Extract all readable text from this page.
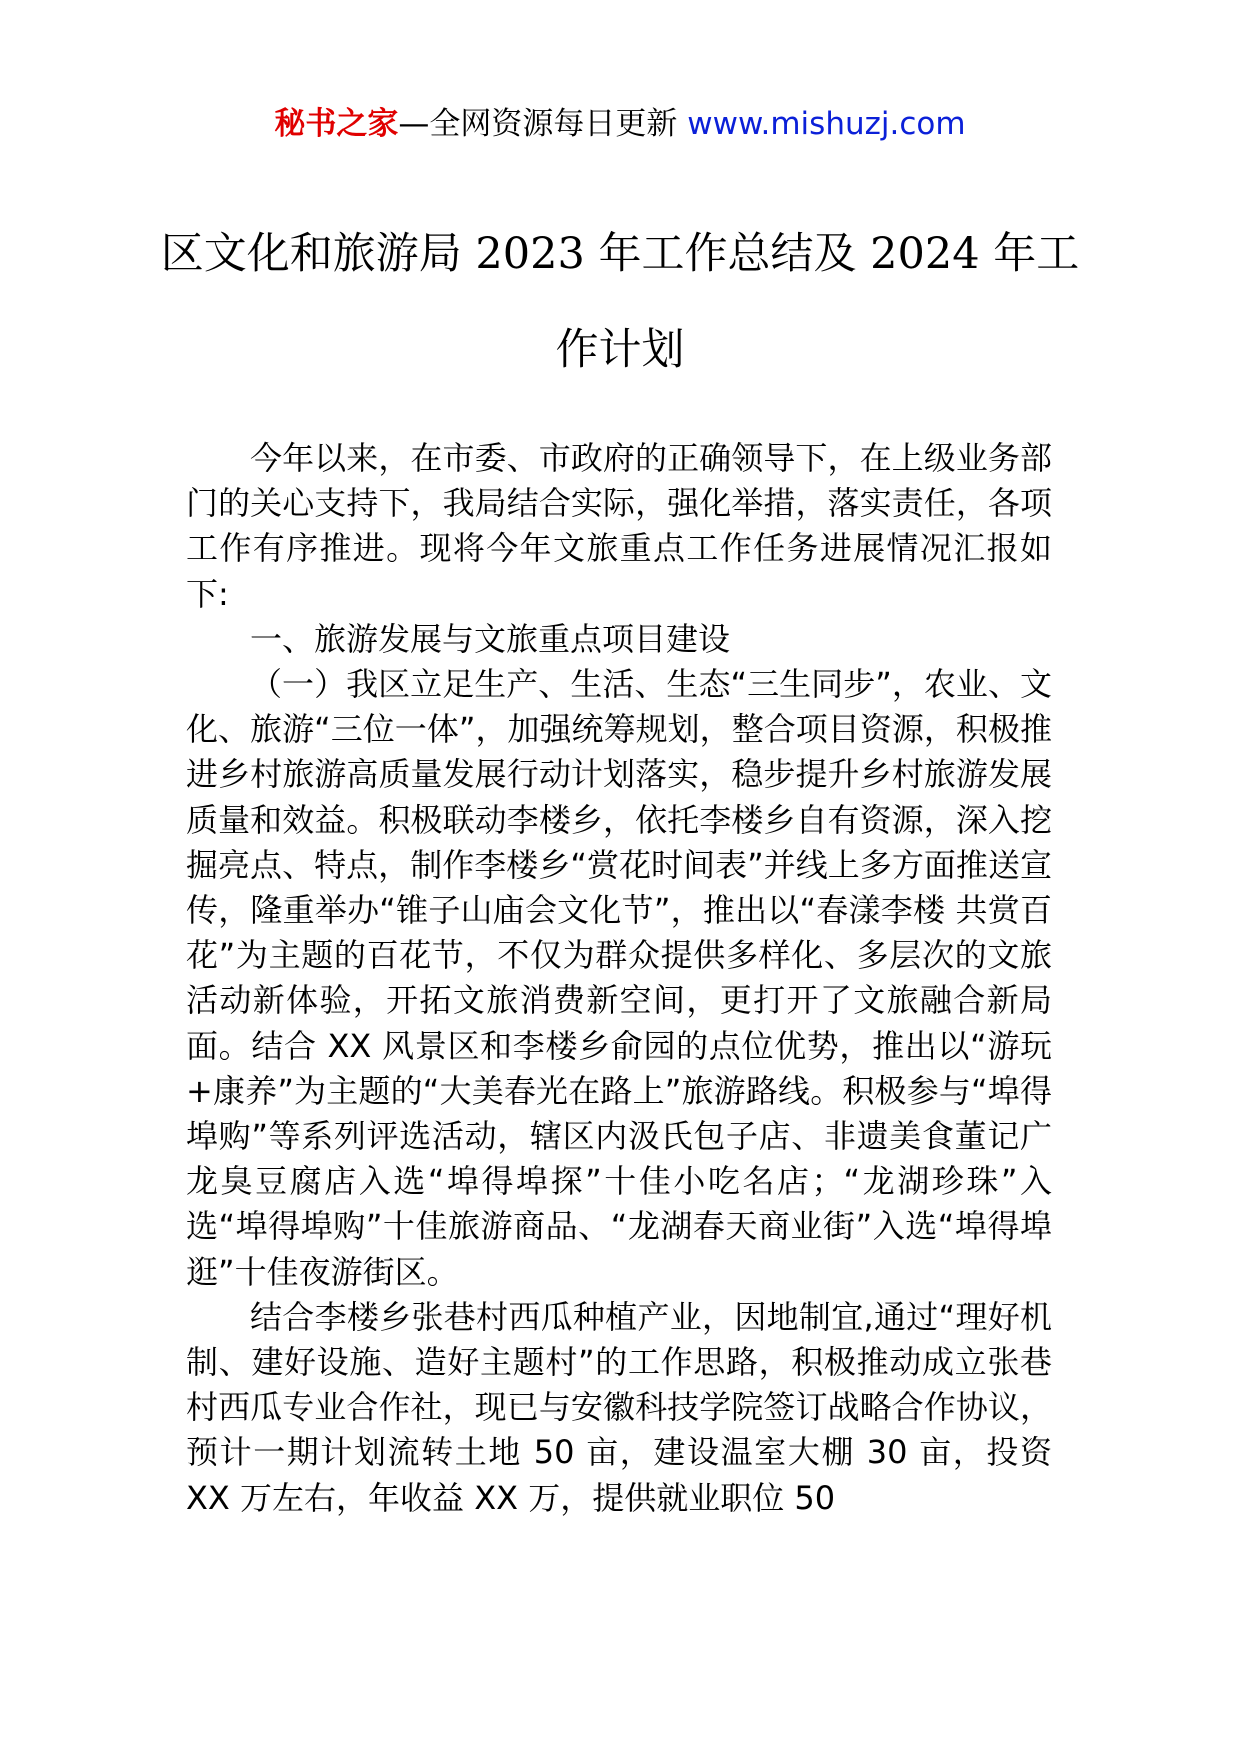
秘书之家—全网资源每日更新 www.mishuzj.com
区文化和旅游局 2023 年工作总结及 2024 年工作计划

今年以来，在市委、市政府的正确领导下，在上级业务部门的关心支持下，我局结合实际，强化举措，落实责任，各项工作有序推进。现将今年文旅重点工作任务进展情况汇报如下:

一、旅游发展与文旅重点项目建设

（一）我区立足生产、生活、生态“三生同步”，农业、文化、旅游“三位一体”，加强统筹规划，整合项目资源，积极推进乡村旅游高质量发展行动计划落实，稳步提升乡村旅游发展质量和效益。积极联动李楼乡，依托李楼乡自有资源，深入挖掘亮点、特点，制作李楼乡“赏花时间表”并线上多方面推送宣传，隆重举办“锥子山庙会文化节”，推出以“春漾李楼 共赏百花”为主题的百花节，不仅为群众提供多样化、多层次的文旅活动新体验，开拓文旅消费新空间，更打开了文旅融合新局面。结合 XX 风景区和李楼乡俞园的点位优势，推出以“游玩+康养”为主题的“大美春光在路上”旅游路线。积极参与“埠得埠购”等系列评选活动，辖区内汲氏包子店、非遗美食董记广龙臭豆腐店入选“埠得埠探”十佳小吃名店；“龙湖珍珠”入选“埠得埠购”十佳旅游商品、“龙湖春天商业街”入选“埠得埠逛”十佳夜游街区。

结合李楼乡张巷村西瓜种植产业，因地制宜,通过“理好机制、建好设施、造好主题村”的工作思路，积极推动成立张巷村西瓜专业合作社，现已与安徽科技学院签订战略合作协议，预计一期计划流转土地 50 亩，建设温室大棚 30 亩，投资 XX 万左右，年收益 XX 万，提供就业职位 50
